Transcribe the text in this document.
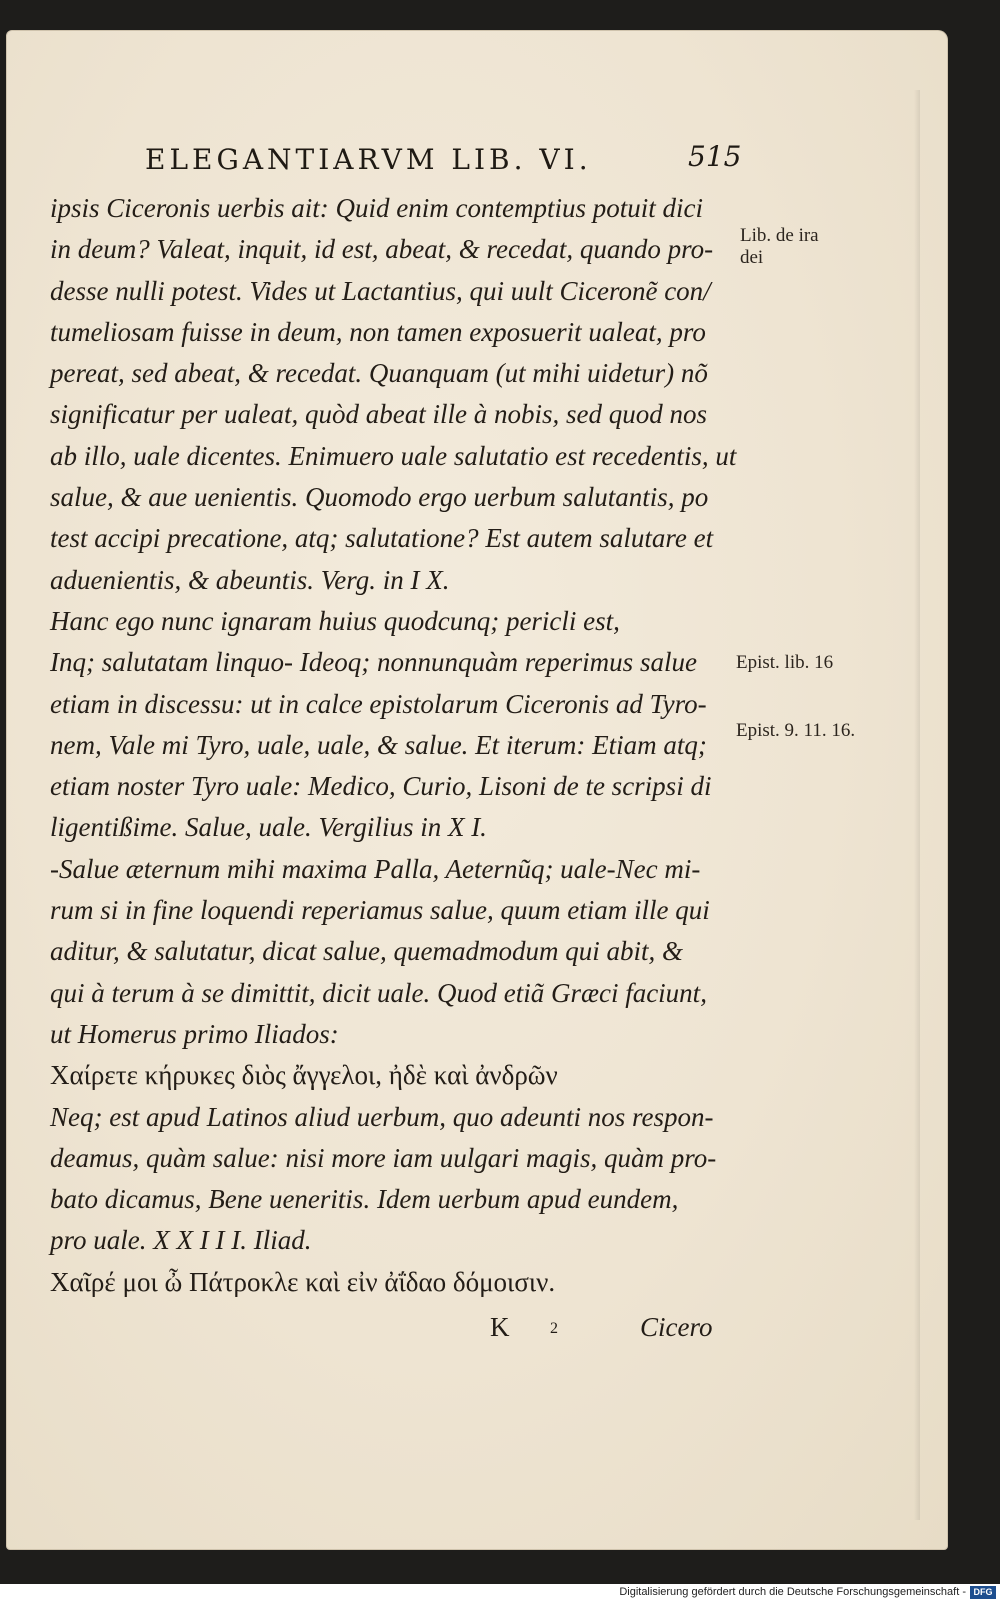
ELEGANTIARVM LIB. VI.	515
ipsis Ciceronis uerbis ait: Quid enim contemptius potuit dici
in deum? Valeat, inquit, id est, abeat, & recedat, quando pro-
desse nulli potest. Vides ut Lactantius, qui uult Ciceronẽ con/
tumeliosam fuisse in deum, non tamen exposuerit ualeat, pro
pereat, sed abeat, & recedat. Quanquam (ut mihi uidetur) nõ
significatur per ualeat, quòd abeat ille à nobis, sed quod nos
ab illo, uale dicentes. Enimuero uale salutatio est recedentis, ut
salue, & aue uenientis. Quomodo ergo uerbum salutantis, po
test accipi precatione, atq; salutatione? Est autem salutare et
aduenientis, & abeuntis. Verg. in I X.
Hanc ego nunc ignaram huius quodcunq; pericli est,
Inq; salutatam linquo- Ideoq; nonnunquàm reperimus salue
etiam in discessu: ut in calce epistolarum Ciceronis ad Tyro-
nem, Vale mi Tyro, uale, uale, & salue. Et iterum: Etiam atq;
etiam noster Tyro uale: Medico, Curio, Lisoni de te scripsi di
ligentißime. Salue, uale. Vergilius in X I.
-Salue æternum mihi maxima Palla, Aeternũq; uale-Nec mi-
rum si in fine loquendi reperiamus salue, quum etiam ille qui
aditur, & salutatur, dicat salue, quemadmodum qui abit, &
qui à terum à se dimittit, dicit uale. Quod etiã Græci faciunt,
ut Homerus primo Iliados:
Χαίρετε κήρυκες διὸς ἄγγελοι, ἠδὲ καὶ ἀνδρῶν
Neq; est apud Latinos aliud uerbum, quo adeunti nos respon-
deamus, quàm salue: nisi more iam uulgari magis, quàm pro-
bato dicamus, Bene ueneritis. Idem uerbum apud eundem,
pro uale. X X I I I. Iliad.
Χαῖρέ μοι ὦ Πάτροκλε καὶ εἰν ἀΐδαο δόμοισιν.
Lib. de ira
dei
Epist. lib. 16
Epist. 9. 11. 16.
K	2	Cicero
Digitalisierung gefördert durch die Deutsche Forschungsgemeinschaft - DFG
